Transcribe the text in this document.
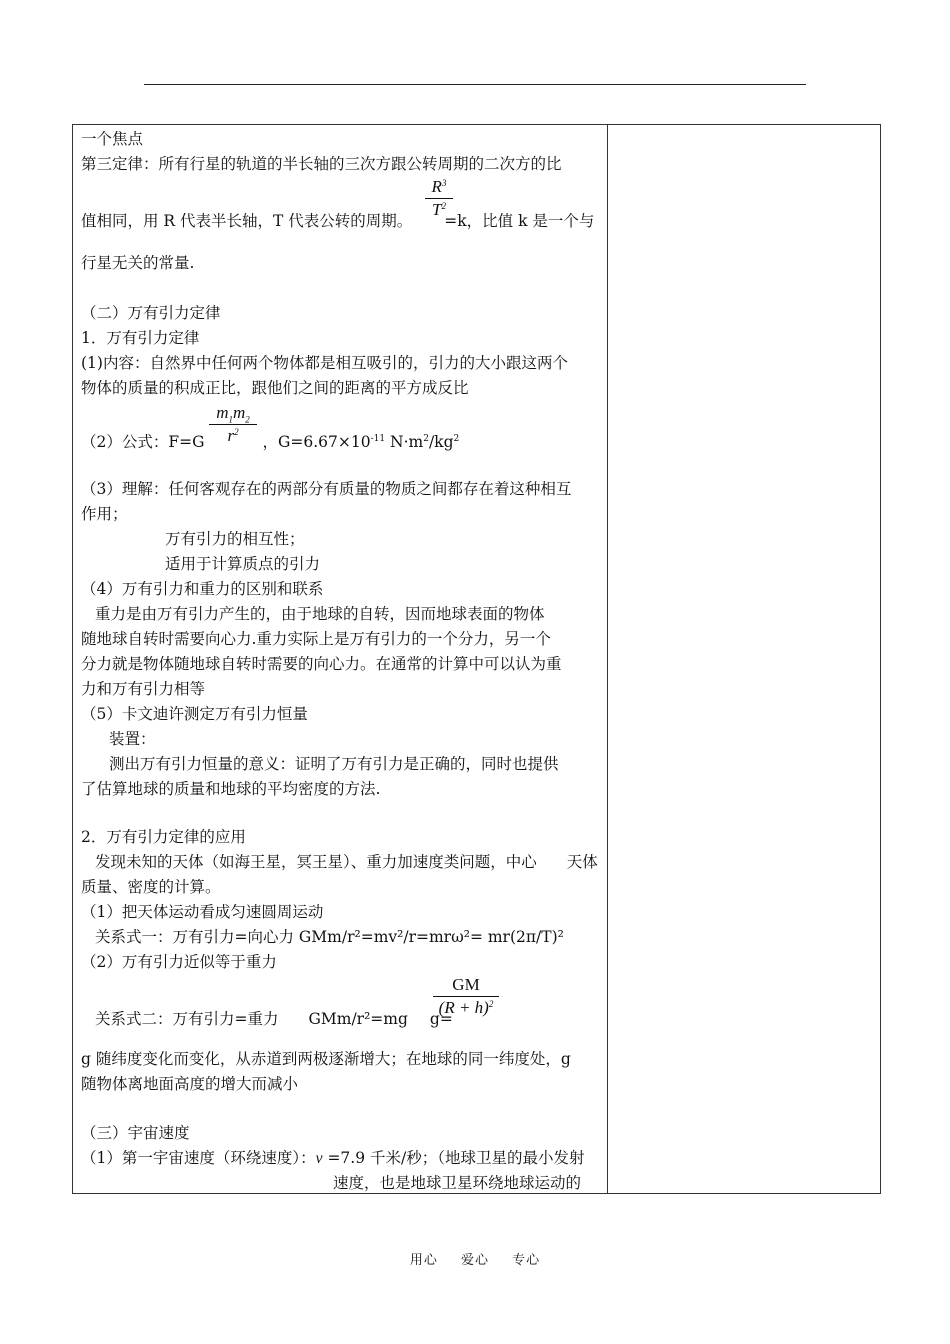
一个焦点
第三定律：所有行星的轨道的半长轴的三次方跟公转周期的二次方的比
$R^3$
$T^2$
值相同，用 R 代表半长轴，T 代表公转的周期。 =k，比值 k 是一个与
行星无关的常量.
（二）万有引力定律
1．万有引力定律
(1)内容：自然界中任何两个物体都是相互吸引的，引力的大小跟这两个
物体的质量的积成正比，跟他们之间的距离的平方成反比
$m_1m_2$
$r^2$
（2）公式：F=G	，$G=6.67\times 10^{-11}$ $N\cdot m^2/kg^2$
（3）理解：任何客观存在的两部分有质量的物质之间都存在着这种相互
作用；
万有引力的相互性；
适用于计算质点的引力
（4）万有引力和重力的区别和联系
重力是由万有引力产生的，由于地球的自转，因而地球表面的物体
随地球自转时需要向心力.重力实际上是万有引力的一个分力，另一个
分力就是物体随地球自转时需要的向心力。在通常的计算中可以认为重
力和万有引力相等
（5）卡文迪许测定万有引力恒量
装置：
测出万有引力恒量的意义：证明了万有引力是正确的，同时也提供
了估算地球的质量和地球的平均密度的方法.
2．万有引力定律的应用
发现未知的天体（如海王星，冥王星）、重力加速度类问题，中心 天体
质量、密度的计算。
（1）把天体运动看成匀速圆周运动
关系式一：万有引力=向心力 GMm/r²=mv²/r=mrω²= mr(2π/T)²
（2）万有引力近似等于重力
GM
$(R + h)^2$
关系式二：万有引力=重力 GMm/r²=mg g=
g 随纬度变化而变化，从赤道到两极逐渐增大；在地球的同一纬度处，g
随物体离地面高度的增大而减小
（三）宇宙速度
（1）第一宇宙速度（环绕速度）：v =7.9 千米/秒；（地球卫星的最小发射
速度，也是地球卫星环绕地球运动的
用心 爱心 专心
